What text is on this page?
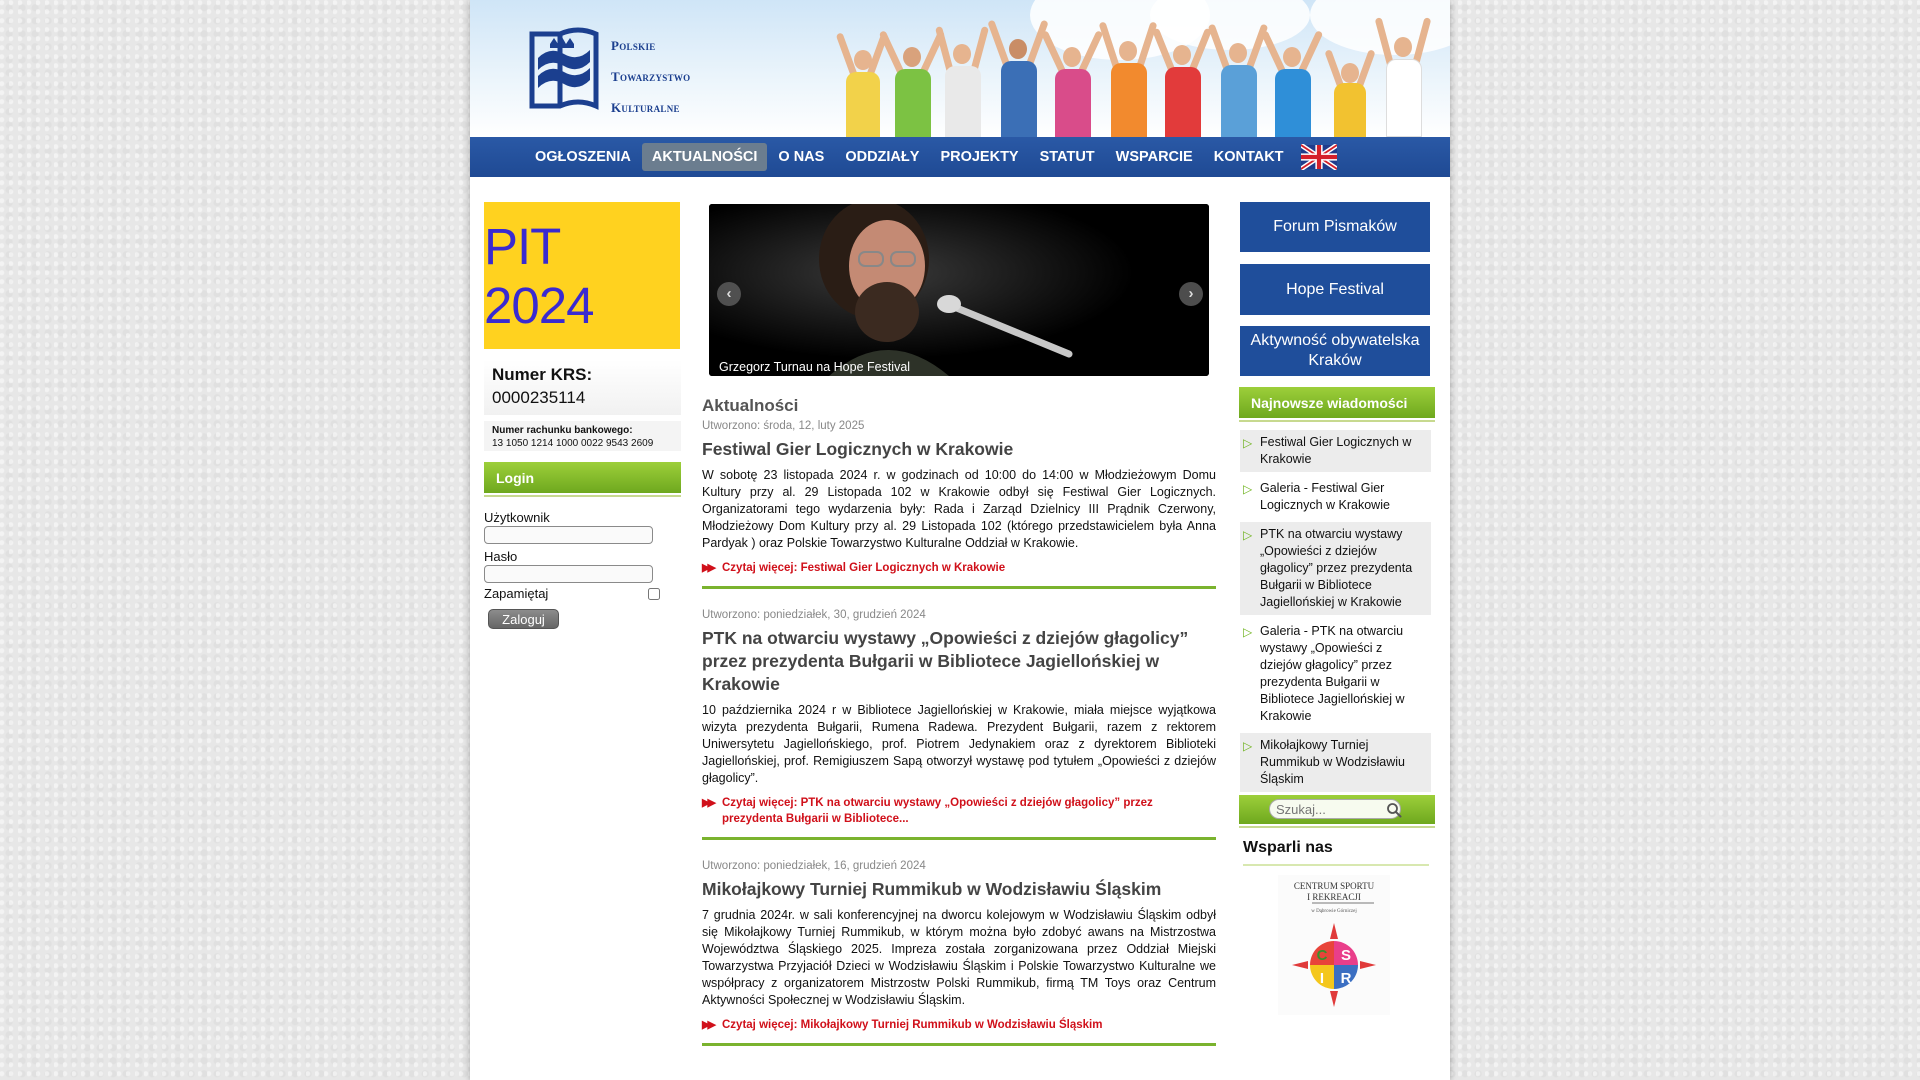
Polskie
Towarzystwo
Kulturalne
OGŁOSZENIA	AKTUALNOŚCI	O NAS	ODDZIAŁY	PROJEKTY	STATUT	WSPARCIE	KONTAKT
PIT 2024
Numer KRS:
0000235114
Numer rachunku bankowego:
13 1050 1214 1000 0022 9543 2609
Login
Użytkownik
Hasło
Zapamiętaj
Zaloguj
‹	›
Grzegorz Turnau na Hope Festival
Aktualności
Utworzono: środa, 12, luty 2025
Festiwal Gier Logicznych w Krakowie
W sobotę 23 listopada 2024 r. w godzinach od 10:00 do 14:00 w Młodzieżowym Domu Kultury przy al. 29 Listopada 102 w Krakowie odbył się Festiwal Gier Logicznych. Organizatorami tego wydarzenia były: Rada i Zarząd Dzielnicy III Prądnik Czerwony, Młodzieżowy Dom Kultury przy al. 29 Listopada 102 (którego przedstawicielem była Anna Pardyak ) oraz Polskie Towarzystwo Kulturalne Oddział w Krakowie.
▶▶ Czytaj więcej: Festiwal Gier Logicznych w Krakowie
Utworzono: poniedziałek, 30, grudzień 2024
PTK na otwarciu wystawy „Opowieści z dziejów głagolicy” przez prezydenta Bułgarii w Bibliotece Jagiellońskiej w Krakowie
10 października 2024 r w Bibliotece Jagiellońskiej w Krakowie, miała miejsce wyjątkowa wizyta prezydenta Bułgarii, Rumena Radewa. Prezydent Bułgarii, razem z rektorem Uniwersytetu Jagiellońskiego, prof. Piotrem Jedynakiem oraz z dyrektorem Biblioteki Jagiellońskiej, prof. Remigiuszem Sapą otworzył wystawę pod tytułem „Opowieści z dziejów głagolicy”.
▶▶ Czytaj więcej: PTK na otwarciu wystawy „Opowieści z dziejów głagolicy” przez prezydenta Bułgarii w Bibliotece...
Utworzono: poniedziałek, 16, grudzień 2024
Mikołajkowy Turniej Rummikub w Wodzisławiu Śląskim
7 grudnia 2024r. w sali konferencyjnej na dworcu kolejowym w Wodzisławiu Śląskim odbył się Mikołajkowy Turniej Rummikub, w którym można było zdobyć awans na Mistrzostwa Województwa Śląskiego 2025. Impreza została zorganizowana przez Oddział Miejski Towarzystwa Przyjaciół Dzieci w Wodzisławiu Śląskim i Polskie Towarzystwo Kulturalne we współpracy z organizatorem Mistrzostw Polski Rummikub, firmą TM Toys oraz Centrum Aktywności Społecznej w Wodzisławiu Śląskim.
▶▶ Czytaj więcej: Mikołajkowy Turniej Rummikub w Wodzisławiu Śląskim
Forum Pismaków
Hope Festival
Aktywność obywatelska Kraków
Najnowsze wiadomości
▷ Festiwal Gier Logicznych w Krakowie
▷ Galeria - Festiwal Gier Logicznych w Krakowie
▷ PTK na otwarciu wystawy „Opowieści z dziejów głagolicy” przez prezydenta Bułgarii w Bibliotece Jagiellońskiej w Krakowie
▷ Galeria - PTK na otwarciu wystawy „Opowieści z dziejów głagolicy” przez prezydenta Bułgarii w Bibliotece Jagiellońskiej w Krakowie
▷ Mikołajkowy Turniej Rummikub w Wodzisławiu Śląskim
Szukaj...
Wsparli nas
CENTRUM SPORTU
I REKREACJI
w Dąbrowie Górniczej
C S
I R
